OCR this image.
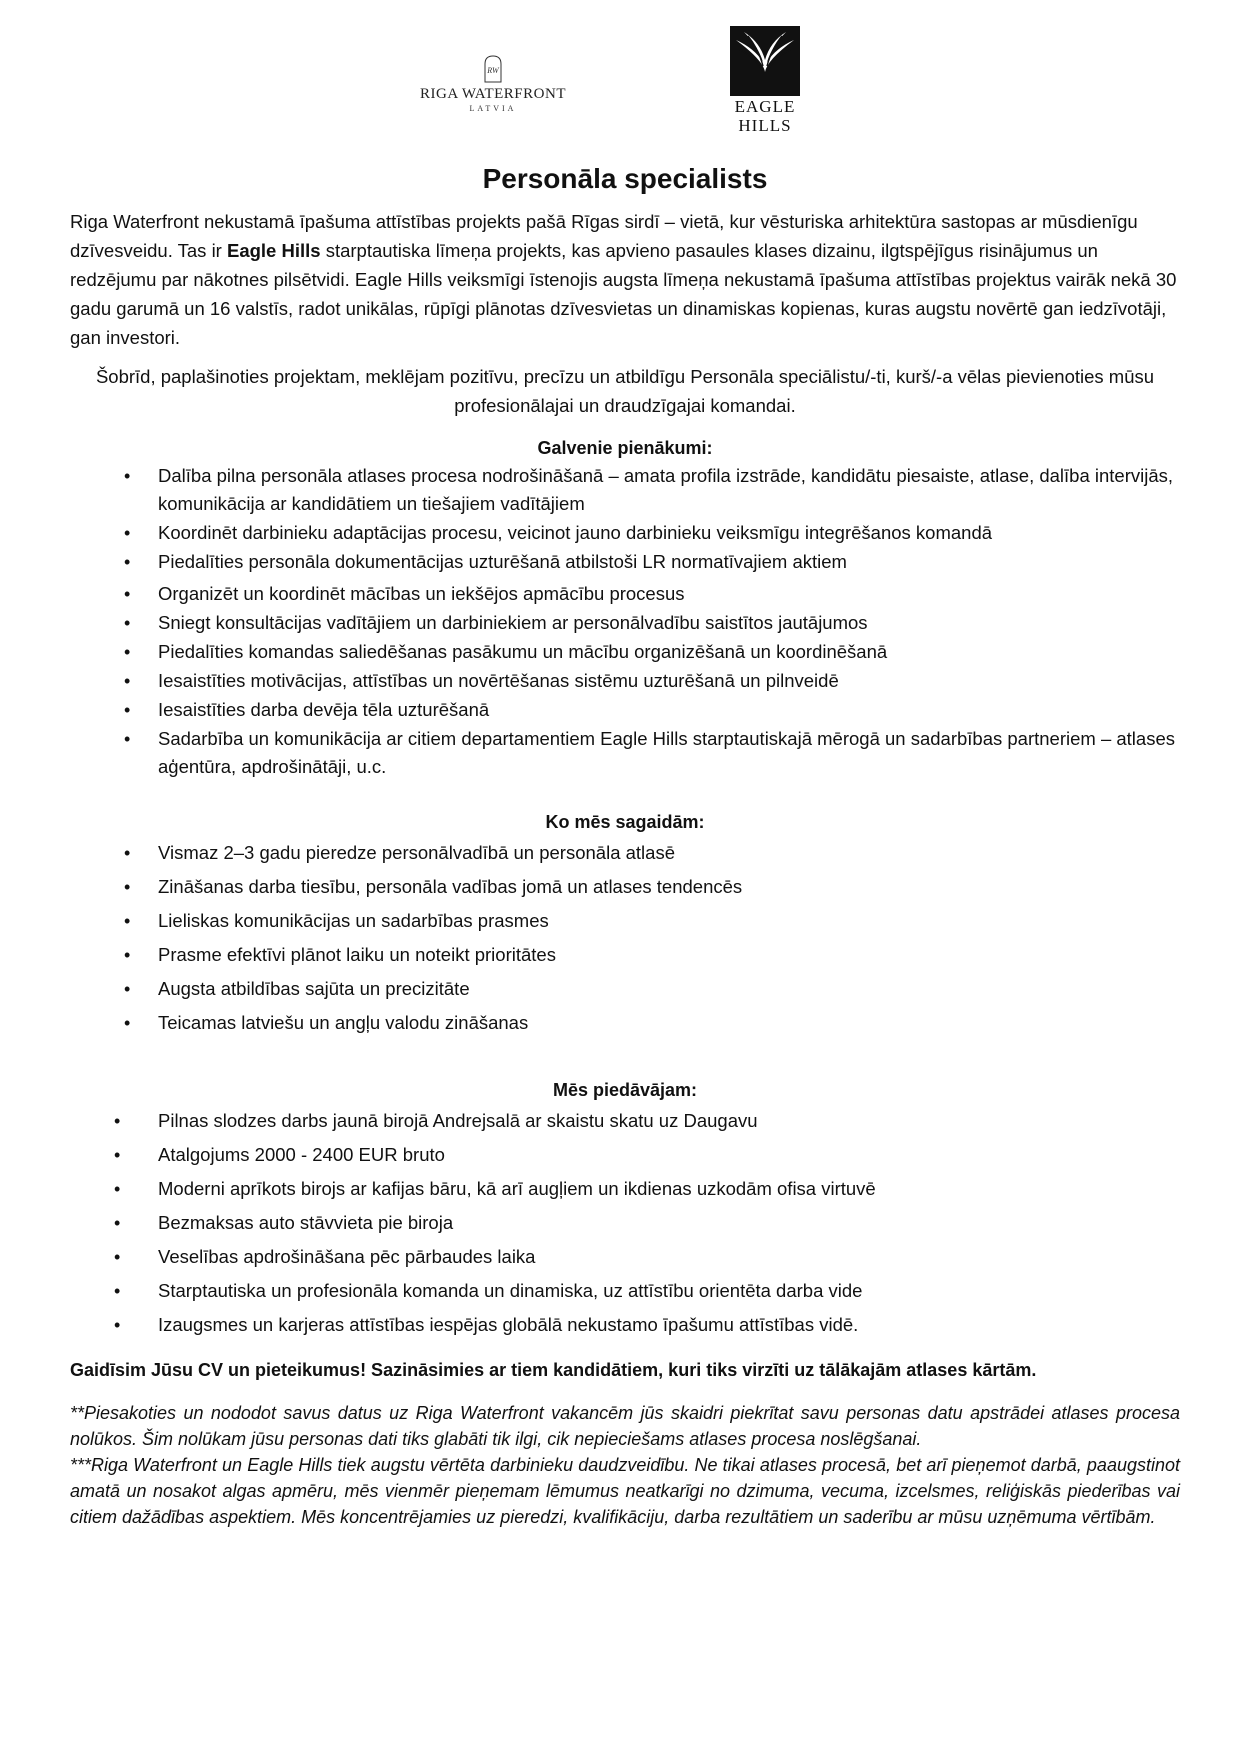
RW
RIGA WATERFRONT
LATVIA	EAGLE
HILLS
Personāla specialists

Riga Waterfront nekustamā īpašuma attīstības projekts pašā Rīgas sirdī – vietā, kur vēsturiska arhitektūra sastopas ar mūsdienīgu dzīvesveidu. Tas ir Eagle Hills starptautiska līmeņa projekts, kas apvieno pasaules klases dizainu, ilgtspējīgus risinājumus un redzējumu par nākotnes pilsētvidi. Eagle Hills veiksmīgi īstenojis augsta līmeņa nekustamā īpašuma attīstības projektus vairāk nekā 30 gadu garumā un 16 valstīs, radot unikālas, rūpīgi plānotas dzīvesvietas un dinamiskas kopienas, kuras augstu novērtē gan iedzīvotāji, gan investori.

Šobrīd, paplašinoties projektam, meklējam pozitīvu, precīzu un atbildīgu Personāla speciālistu/-ti, kurš/-a vēlas pievienoties mūsu profesionālajai un draudzīgajai komandai.

Galvenie pienākumi:

• Dalība pilna personāla atlases procesa nodrošināšanā – amata profila izstrāde, kandidātu piesaiste, atlase, dalība intervijās, komunikācija ar kandidātiem un tiešajiem vadītājiem
• Koordinēt darbinieku adaptācijas procesu, veicinot jauno darbinieku veiksmīgu integrēšanos komandā
• Piedalīties personāla dokumentācijas uzturēšanā atbilstoši LR normatīvajiem aktiem
• Organizēt un koordinēt mācības un iekšējos apmācību procesus
• Sniegt konsultācijas vadītājiem un darbiniekiem ar personālvadību saistītos jautājumos
• Piedalīties komandas saliedēšanas pasākumu un mācību organizēšanā un koordinēšanā
• Iesaistīties motivācijas, attīstības un novērtēšanas sistēmu uzturēšanā un pilnveidē
• Iesaistīties darba devēja tēla uzturēšanā
• Sadarbība un komunikācija ar citiem departamentiem Eagle Hills starptautiskajā mērogā un sadarbības partneriem – atlases aģentūra, apdrošinātāji, u.c.

Ko mēs sagaidām:

• Vismaz 2–3 gadu pieredze personālvadībā un personāla atlasē
• Zināšanas darba tiesību, personāla vadības jomā un atlases tendencēs
• Lieliskas komunikācijas un sadarbības prasmes
• Prasme efektīvi plānot laiku un noteikt prioritātes
• Augsta atbildības sajūta un precizitāte
• Teicamas latviešu un angļu valodu zināšanas

Mēs piedāvājam:

• Pilnas slodzes darbs jaunā birojā Andrejsalā ar skaistu skatu uz Daugavu
• Atalgojums 2000 - 2400 EUR bruto
• Moderni aprīkots birojs ar kafijas bāru, kā arī augļiem un ikdienas uzkodām ofisa virtuvē
• Bezmaksas auto stāvvieta pie biroja
• Veselības apdrošināšana pēc pārbaudes laika
• Starptautiska un profesionāla komanda un dinamiska, uz attīstību orientēta darba vide
• Izaugsmes un karjeras attīstības iespējas globālā nekustamo īpašumu attīstības vidē.

Gaidīsim Jūsu CV un pieteikumus! Sazināsimies ar tiem kandidātiem, kuri tiks virzīti uz tālākajām atlases kārtām.

**Piesakoties un nododot savus datus uz Riga Waterfront vakancēm jūs skaidri piekrītat savu personas datu apstrādei atlases procesa nolūkos. Šim nolūkam jūsu personas dati tiks glabāti tik ilgi, cik nepieciešams atlases procesa noslēgšanai.

***Riga Waterfront un Eagle Hills tiek augstu vērtēta darbinieku daudzveidību. Ne tikai atlases procesā, bet arī pieņemot darbā, paaugstinot amatā un nosakot algas apmēru, mēs vienmēr pieņemam lēmumus neatkarīgi no dzimuma, vecuma, izcelsmes, reliģiskās piederības vai citiem dažādības aspektiem. Mēs koncentrējamies uz pieredzi, kvalifikāciju, darba rezultātiem un saderību ar mūsu uzņēmuma vērtībām.
